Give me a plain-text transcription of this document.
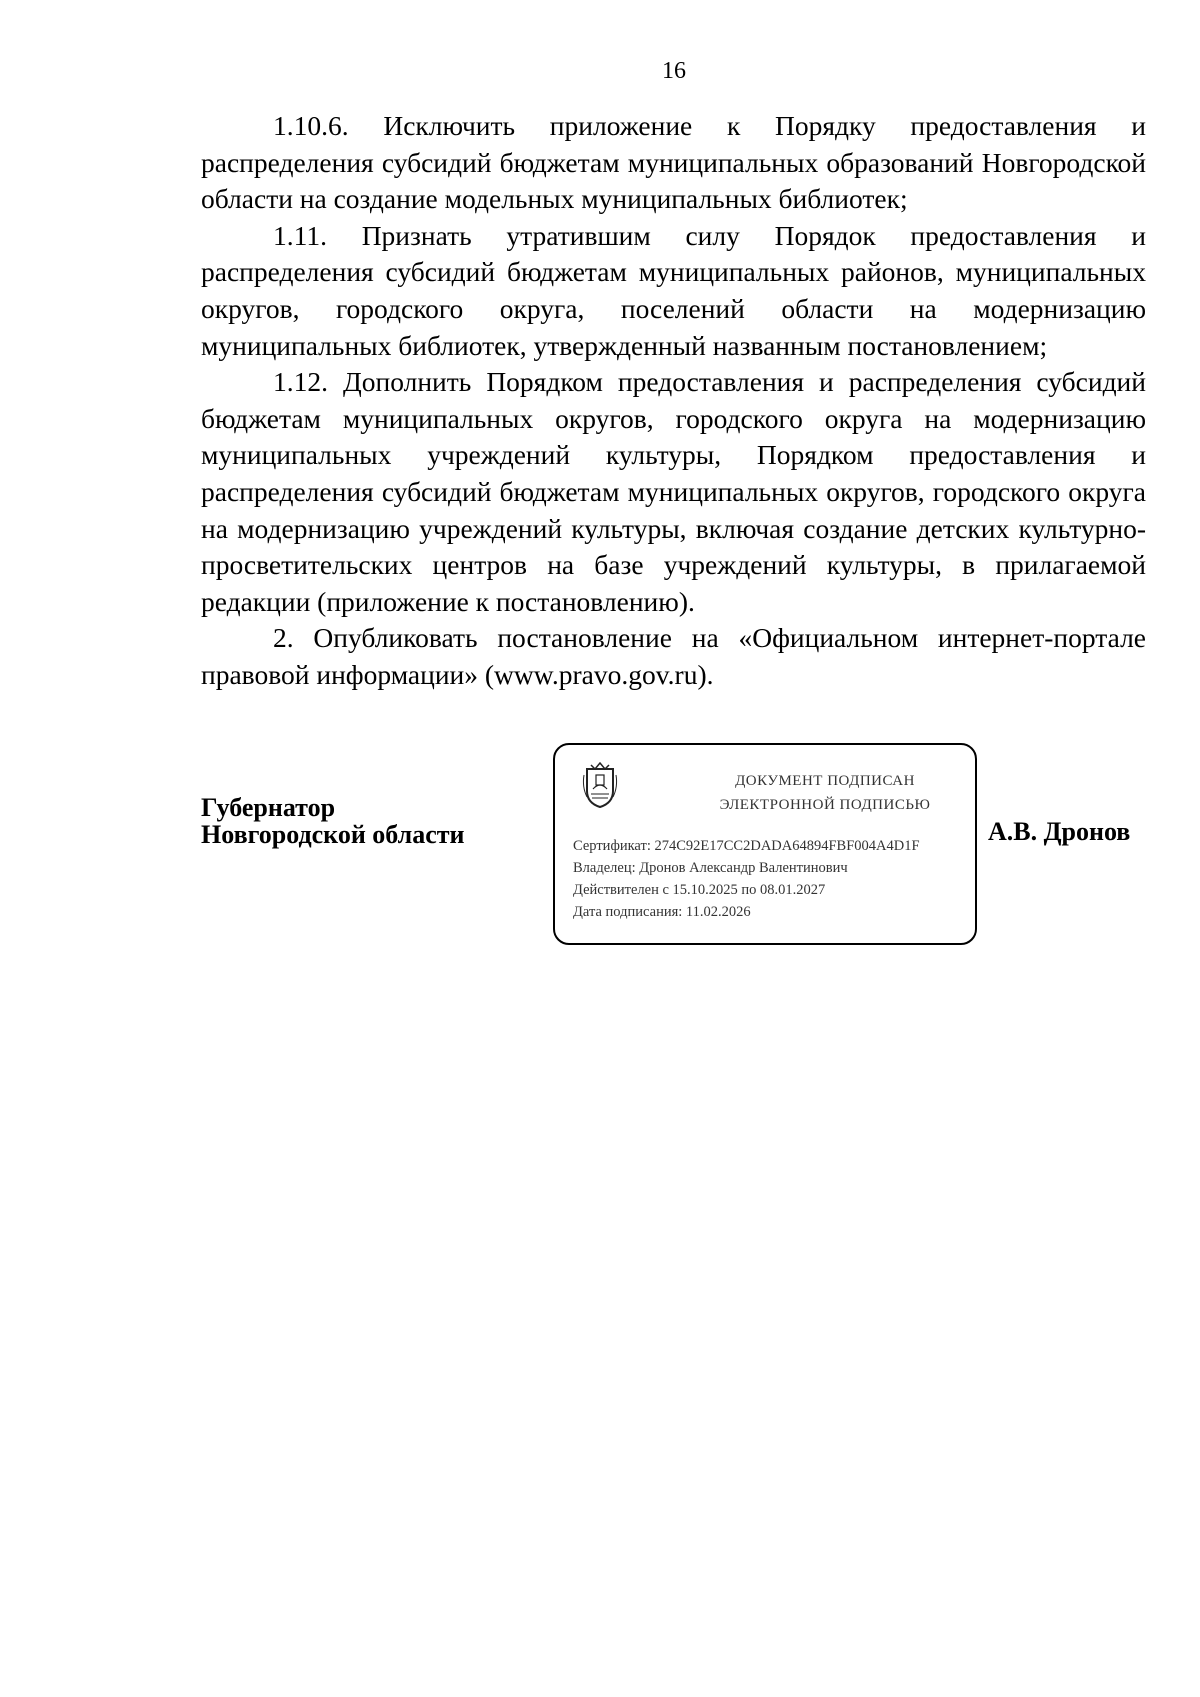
16

1.10.6. Исключить приложение к Порядку предоставления и распределения субсидий бюджетам муниципальных образований Новгородской области на создание модельных муниципальных библиотек;

1.11. Признать утратившим силу Порядок предоставления и распределения субсидий бюджетам муниципальных районов, муниципальных округов, городского округа, поселений области на модернизацию муниципальных библиотек, утвержденный названным постановлением;

1.12. Дополнить Порядком предоставления и распределения субсидий бюджетам муниципальных округов, городского округа на модернизацию муниципальных учреждений культуры, Порядком предоставления и распределения субсидий бюджетам муниципальных округов, городского округа на модернизацию учреждений культуры, включая создание детских культурно-просветительских центров на базе учреждений культуры, в прилагаемой редакции (приложение к постановлению).

2. Опубликовать постановление на «Официальном интернет-портале правовой информации» (www.pravo.gov.ru).

Губернатор
Новгородской области
ДОКУМЕНТ ПОДПИСАН
ЭЛЕКТРОННОЙ ПОДПИСЬЮ
Сертификат: 274C92E17CC2DADA64894FBF004A4D1F
Владелец: Дронов Александр Валентинович
Действителен с 15.10.2025 по 08.01.2027
Дата подписания: 11.02.2026
А.В. Дронов
